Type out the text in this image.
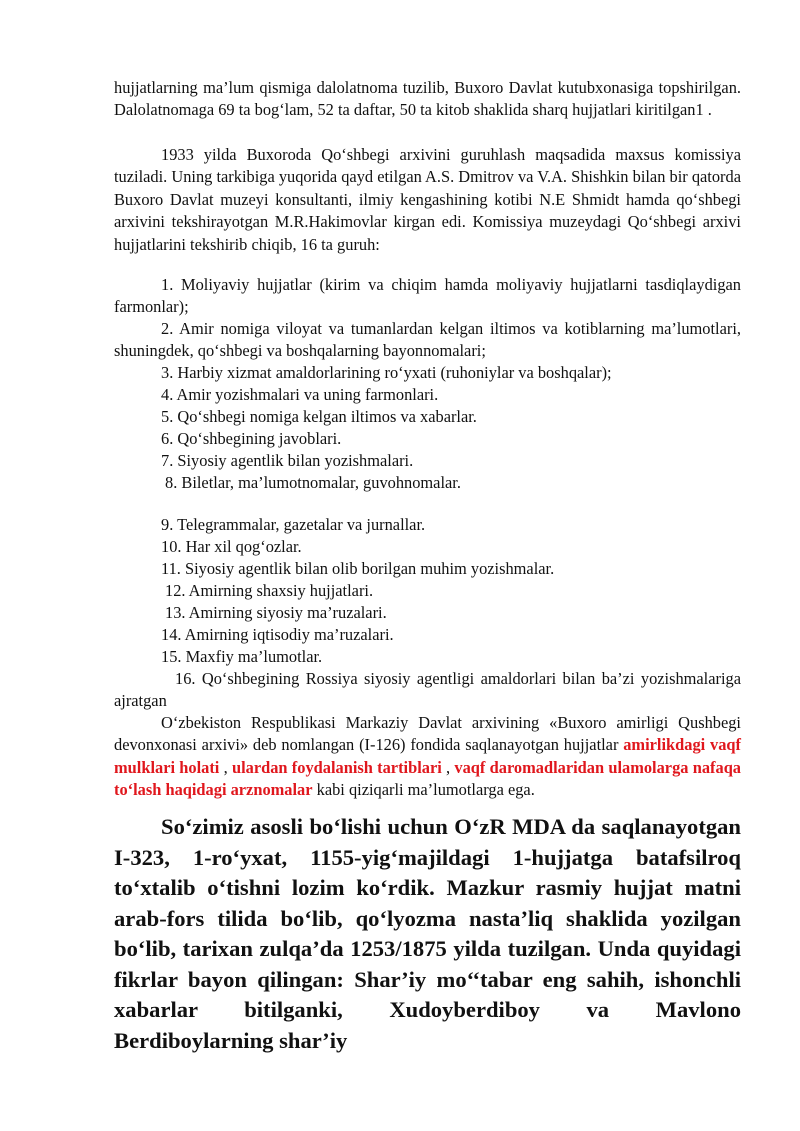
hujjatlarning ma’lum qismiga dalolatnoma tuzilib, Buxoro Davlat kutubxonasiga topshirilgan. Dalolatnomaga 69 ta bog‘lam, 52 ta daftar, 50 ta kitob shaklida sharq hujjatlari kiritilgan1 .

1933 yilda Buxoroda Qo‘shbegi arxivini guruhlash maqsadida maxsus komissiya tuziladi. Uning tarkibiga yuqorida qayd etilgan A.S. Dmitrov va V.A. Shishkin bilan bir qatorda Buxoro Davlat muzeyi konsultanti, ilmiy kengashining kotibi N.E Shmidt hamda qo‘shbegi arxivini tekshirayotgan M.R.Hakimovlar kirgan edi. Komissiya muzeydagi Qo‘shbegi arxivi hujjatlarini tekshirib chiqib, 16 ta guruh:

1. Moliyaviy hujjatlar (kirim va chiqim hamda moliyaviy hujjatlarni tasdiqlaydigan farmonlar);

2. Amir nomiga viloyat va tumanlardan kelgan iltimos va kotiblarning ma’lumotlari, shuningdek, qo‘shbegi va boshqalarning bayonnomalari;

3. Harbiy xizmat amaldorlarining ro‘yxati (ruhoniylar va boshqalar);

4. Amir yozishmalari va uning farmonlari.

5. Qo‘shbegi nomiga kelgan iltimos va xabarlar.

6. Qo‘shbegining javoblari.

7. Siyosiy agentlik bilan yozishmalari.

8. Biletlar, ma’lumotnomalar, guvohnomalar.

9. Telegrammalar, gazetalar va jurnallar.

10. Har xil qog‘ozlar.

11. Siyosiy agentlik bilan olib borilgan muhim yozishmalar.

12. Amirning shaxsiy hujjatlari.

13. Amirning siyosiy ma’ruzalari.

14. Amirning iqtisodiy ma’ruzalari.

15. Maxfiy ma’lumotlar.

16. Qo‘shbegining Rossiya siyosiy agentligi amaldorlari bilan ba’zi yozishmalariga ajratgan

O‘zbekiston Respublikasi Markaziy Davlat arxivining «Buxoro amirligi Qushbegi devonxonasi arxivi» deb nomlangan (I-126) fondida saqlanayotgan hujjatlar amirlikdagi vaqf mulklari holati , ulardan foydalanish tartiblari , vaqf daromadlaridan ulamolarga nafaqa to‘lash haqidagi arznomalar kabi qiziqarli ma’lumotlarga ega.

So‘zimiz asosli bo‘lishi uchun O‘zR MDA da saqlanayotgan I-323, 1-ro‘yxat, 1155-yig‘majildagi 1-hujjatga batafsilroq to‘xtalib o‘tishni lozim ko‘rdik. Mazkur rasmiy hujjat matni arab-fors tilida bo‘lib, qo‘lyozma nasta’liq shaklida yozilgan bo‘lib, tarixan zulqa’da 1253/1875 yilda tuzilgan. Unda quyidagi fikrlar bayon qilingan: Shar’iy mo‘‘tabar eng sahih, ishonchli xabarlar bitilganki, Xudoyberdiboy va Mavlono Berdiboylarning shar’iy
